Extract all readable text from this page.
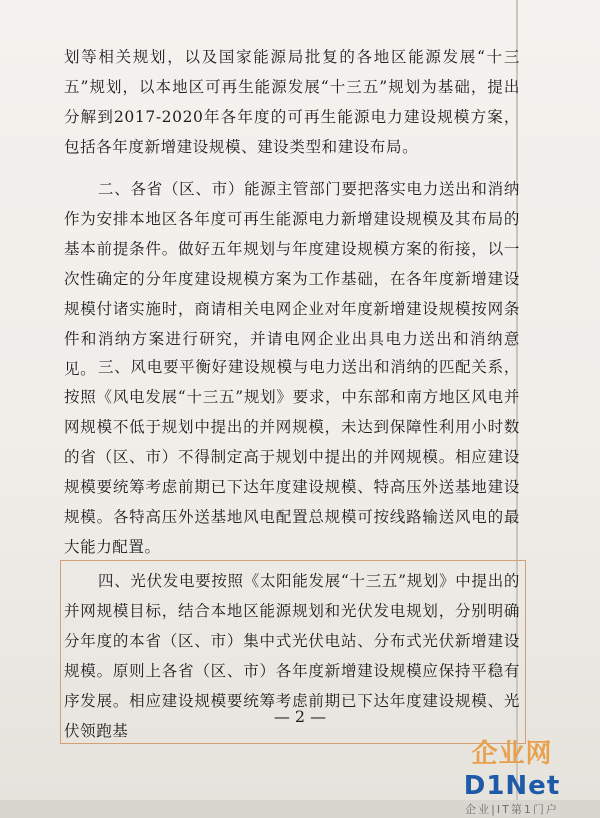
划等相关规划，以及国家能源局批复的各地区能源发展“十三五”规划，以本地区可再生能源发展“十三五”规划为基础，提出分解到2017-2020年各年度的可再生能源电力建设规模方案，包括各年度新增建设规模、建设类型和建设布局。

二、各省（区、市）能源主管部门要把落实电力送出和消纳作为安排本地区各年度可再生能源电力新增建设规模及其布局的基本前提条件。做好五年规划与年度建设规模方案的衔接，以一次性确定的分年度建设规模方案为工作基础，在各年度新增建设规模付诸实施时，商请相关电网企业对年度新增建设规模按网条件和消纳方案进行研究，并请电网企业出具电力送出和消纳意见。 三、风电要平衡好建设规模与电力送出和消纳的匹配关系，按照《风电发展“十三五”规划》要求，中东部和南方地区风电并网规模不低于规划中提出的并网规模，未达到保障性利用小时数的省（区、市）不得制定高于规划中提出的并网规模。相应建设规模要统筹考虑前期已下达年度建设规模、特高压外送基地建设规模。各特高压外送基地风电配置总规模可按线路输送风电的最大能力配置。

四、光伏发电要按照《太阳能发展“十三五”规划》中提出的并网规模目标，结合本地区能源规划和光伏发电规划，分别明确分年度的本省（区、市）集中式光伏电站、分布式光伏新增建设规模。原则上各省（区、市）各年度新增建设规模应保持平稳有序发展。相应建设规模要统筹考虑前期已下达年度建设规模、光伏领跑基

— 2 —
企业网D1Net
企业|IT第1门户
